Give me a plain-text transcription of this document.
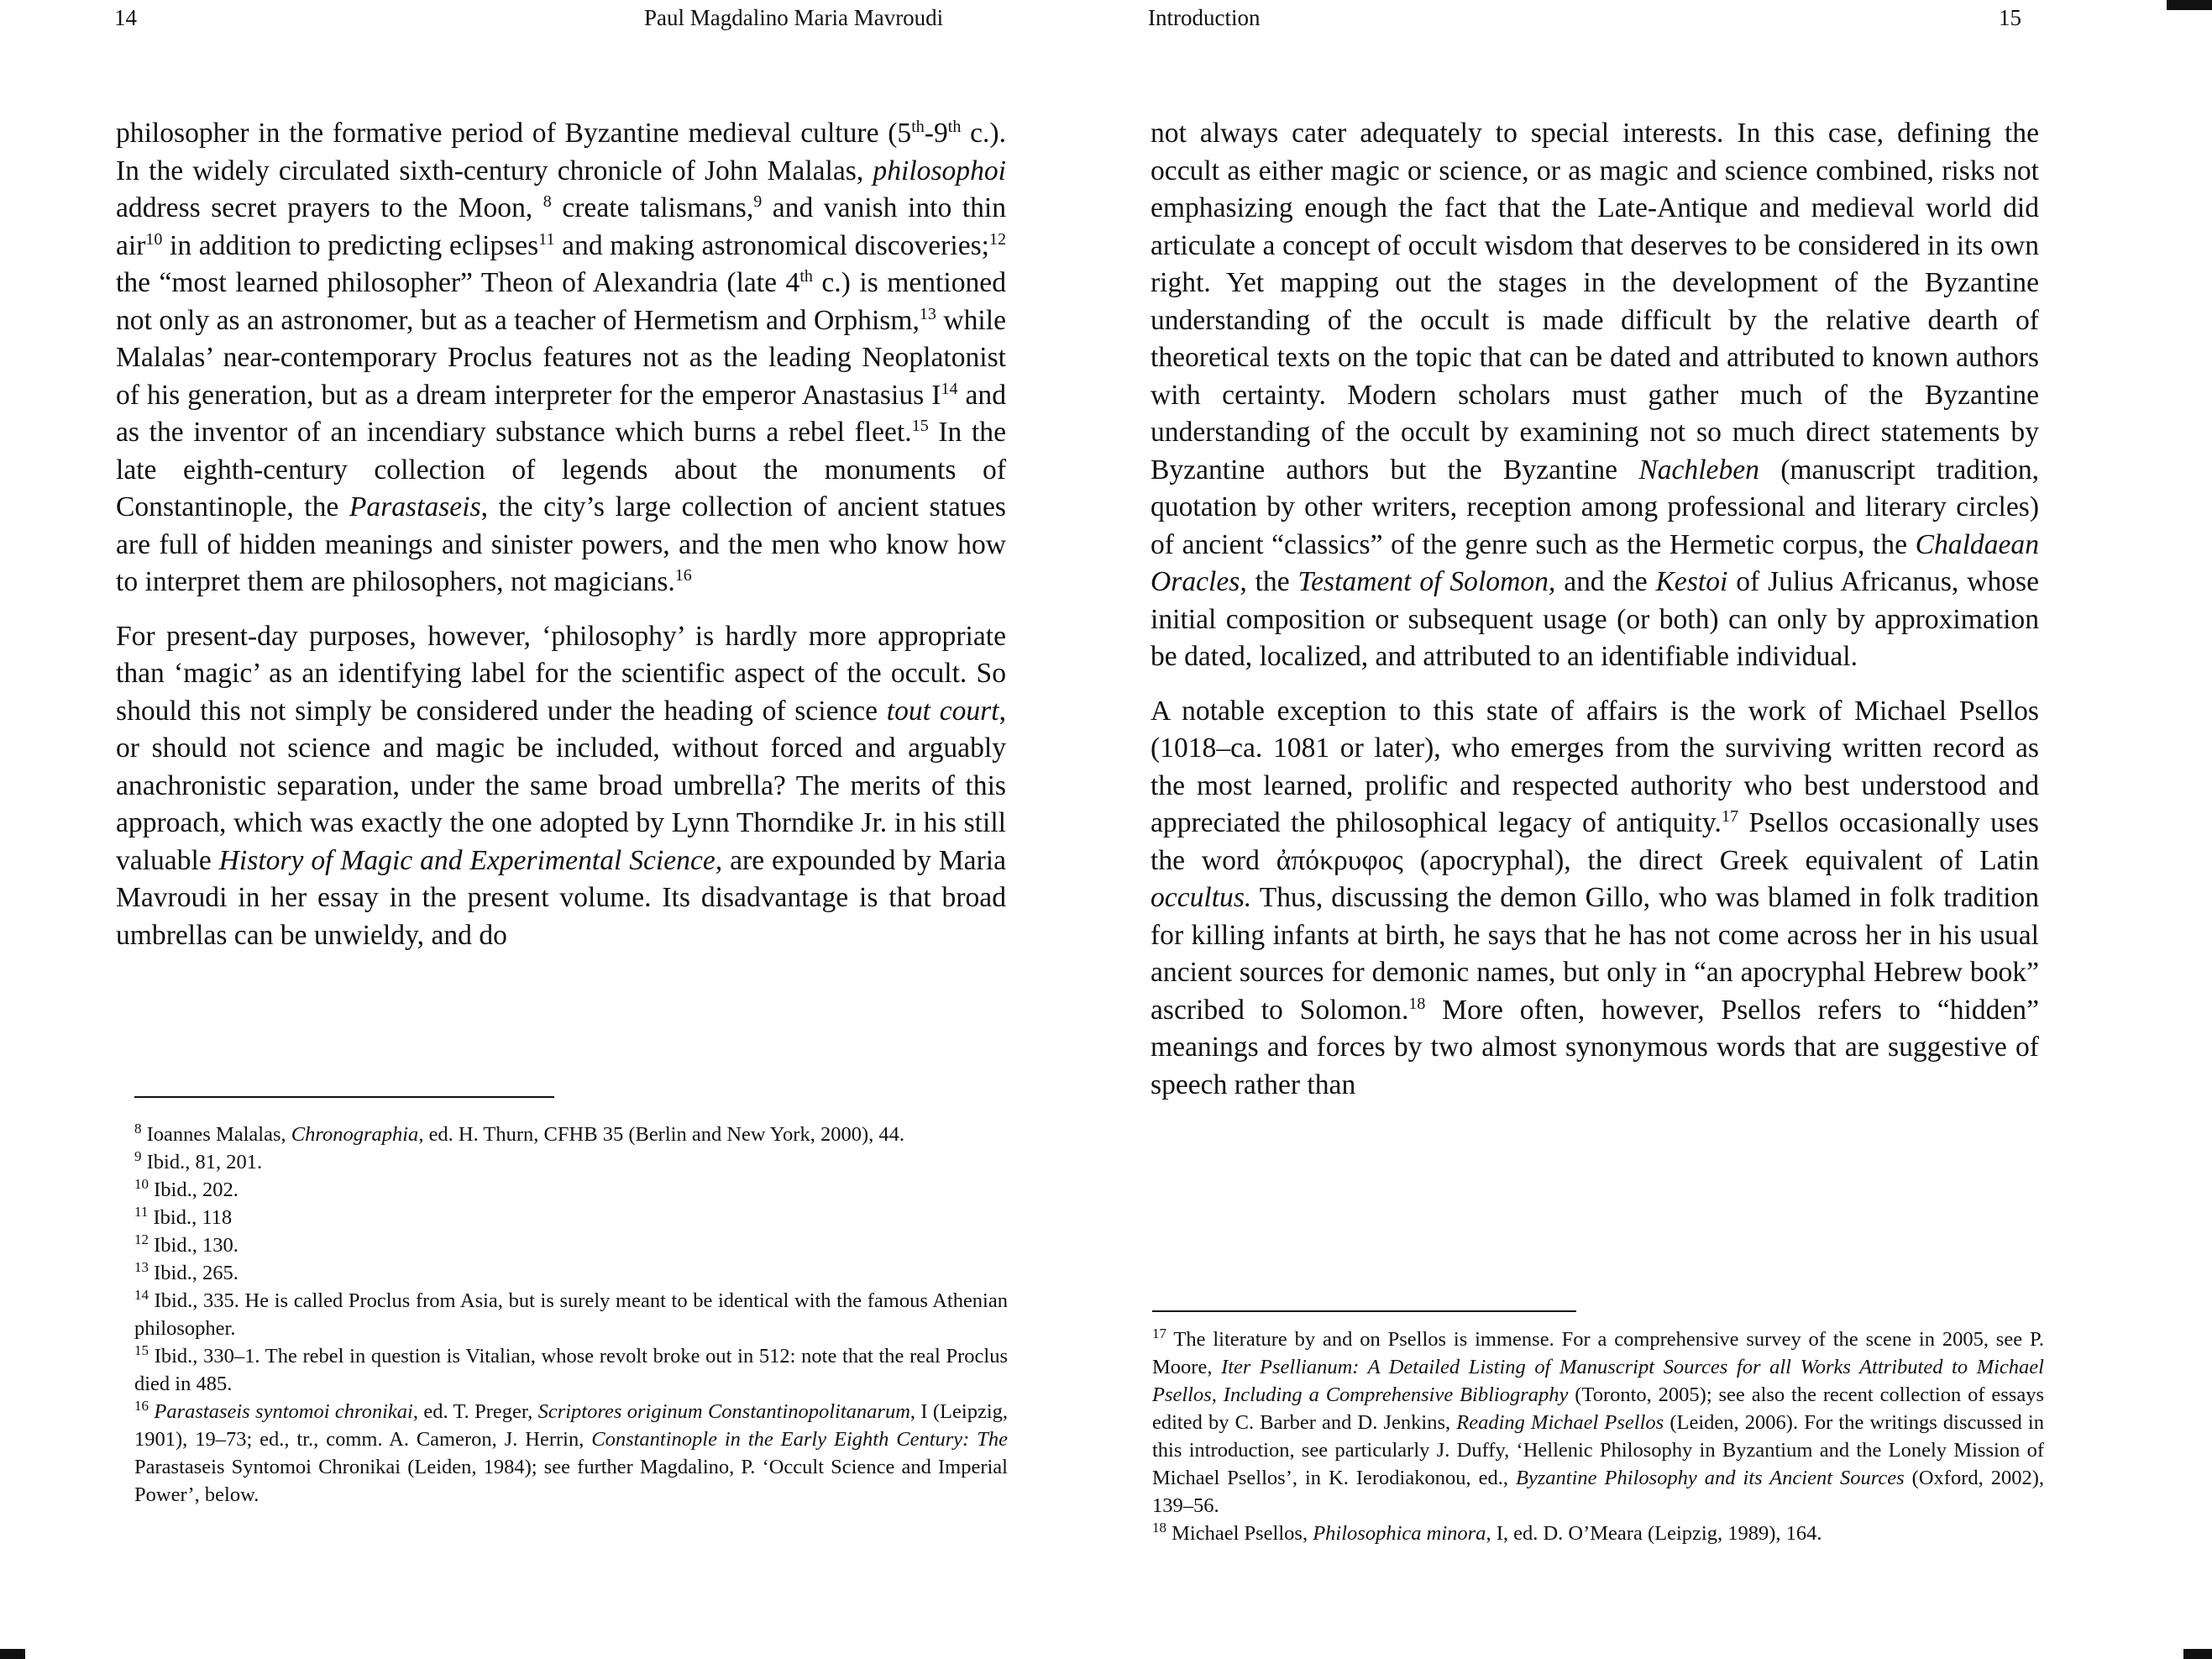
14	Paul Magdalino Maria Mavroudi

philosopher in the formative period of Byzantine medieval culture (5th-9th c.). In the widely circulated sixth-century chronicle of John Malalas, philosophoi address secret prayers to the Moon, $^8$ create talismans,$^9$ and vanish into thin air$^{10}$ in addition to predicting eclipses$^{11}$ and making astronomical discoveries;$^{12}$ the “most learned philosopher” Theon of Alexandria (late 4th c.) is mentioned not only as an astronomer, but as a teacher of Hermetism and Orphism,$^{13}$ while Malalas’ near-contemporary Proclus features not as the leading Neoplatonist of his generation, but as a dream interpreter for the emperor Anastasius $I^{14}$ and as the inventor of an incendiary substance which burns a rebel fleet.$^{15}$ In the late eighth-century collection of legends about the monuments of Constantinople, the Parastaseis, the city’s large collection of ancient statues are full of hidden meanings and sinister powers, and the men who know how to interpret them are philosophers, not magicians.$^{16}$

For present-day purposes, however, ‘philosophy’ is hardly more appropriate than ‘magic’ as an identifying label for the scientific aspect of the occult. So should this not simply be considered under the heading of science tout court, or should not science and magic be included, without forced and arguably anachronistic separation, under the same broad umbrella? The merits of this approach, which was exactly the one adopted by Lynn Thorndike Jr. in his still valuable History of Magic and Experimental Science, are expounded by Maria Mavroudi in her essay in the present volume. Its disadvantage is that broad umbrellas can be unwieldy, and do

$^8$ Ioannes Malalas, Chronographia, ed. H. Thurn, CFHB 35 (Berlin and New York, 2000), 44.

$^9$ Ibid., 81, 201.

$^{10}$ Ibid., 202.

$^{11}$ Ibid., 118

$^{12}$ Ibid., 130.

$^{13}$ Ibid., 265.

$^{14}$ Ibid., 335. He is called Proclus from Asia, but is surely meant to be identical with the famous Athenian philosopher.

$^{15}$ Ibid., 330–1. The rebel in question is Vitalian, whose revolt broke out in 512: note that the real Proclus died in 485.

$^{16}$ Parastaseis syntomoi chronikai, ed. T. Preger, Scriptores originum Constantinopolitanarum, I (Leipzig, 1901), 19–73; ed., tr., comm. A. Cameron, J. Herrin, Constantinople in the Early Eighth Century: The Parastaseis Syntomoi Chronikai (Leiden, 1984); see further Magdalino, P. ‘Occult Science and Imperial Power’, below.

Introduction	15

not always cater adequately to special interests. In this case, defining the occult as either magic or science, or as magic and science combined, risks not emphasizing enough the fact that the Late-Antique and medieval world did articulate a concept of occult wisdom that deserves to be considered in its own right. Yet mapping out the stages in the development of the Byzantine understanding of the occult is made difficult by the relative dearth of theoretical texts on the topic that can be dated and attributed to known authors with certainty. Modern scholars must gather much of the Byzantine understanding of the occult by examining not so much direct statements by Byzantine authors but the Byzantine Nachleben (manuscript tradition, quotation by other writers, reception among professional and literary circles) of ancient “classics” of the genre such as the Hermetic corpus, the Chaldaean Oracles, the Testament of Solomon, and the Kestoi of Julius Africanus, whose initial composition or subsequent usage (or both) can only by approximation be dated, localized, and attributed to an identifiable individual.

A notable exception to this state of affairs is the work of Michael Psellos (1018–ca. 1081 or later), who emerges from the surviving written record as the most learned, prolific and respected authority who best understood and appreciated the philosophical legacy of antiquity.$^{17}$ Psellos occasionally uses the word ἀπόκρυφος (apocryphal), the direct Greek equivalent of Latin occultus. Thus, discussing the demon Gillo, who was blamed in folk tradition for killing infants at birth, he says that he has not come across her in his usual ancient sources for demonic names, but only in “an apocryphal Hebrew book” ascribed to Solomon.$^{18}$ More often, however, Psellos refers to “hidden” meanings and forces by two almost synonymous words that are suggestive of speech rather than

$^{17}$ The literature by and on Psellos is immense. For a comprehensive survey of the scene in 2005, see P. Moore, Iter Psellianum: A Detailed Listing of Manuscript Sources for all Works Attributed to Michael Psellos, Including a Comprehensive Bibliography (Toronto, 2005); see also the recent collection of essays edited by C. Barber and D. Jenkins, Reading Michael Psellos (Leiden, 2006). For the writings discussed in this introduction, see particularly J. Duffy, ‘Hellenic Philosophy in Byzantium and the Lonely Mission of Michael Psellos’, in K. Ierodiakonou, ed., Byzantine Philosophy and its Ancient Sources (Oxford, 2002), 139–56.

$^{18}$ Michael Psellos, Philosophica minora, I, ed. D. O’Meara (Leipzig, 1989), 164.
